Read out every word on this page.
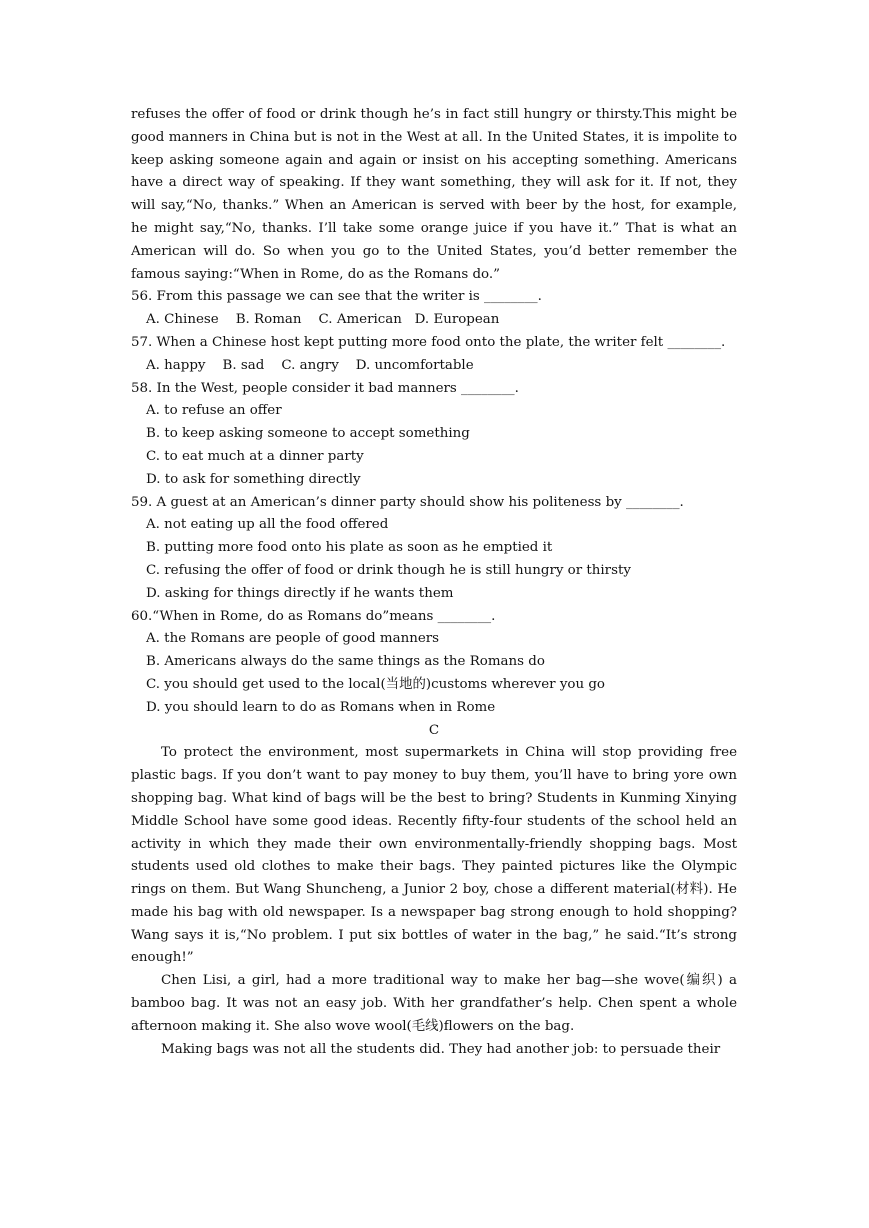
refuses the offer of food or drink though he’s in fact still hungry or thirsty.This might be good manners in China but is not in the West at all. In the United States, it is impolite to keep asking someone again and again or insist on his accepting something. Americans have a direct way of speaking. If they want something, they will ask for it. If not, they will say,“No, thanks.” When an American is served with beer by the host, for example, he might say,“No, thanks. I’ll take some orange juice if you have it.” That is what an American will do. So when you go to the United States, you’d better remember the famous saying:“When in Rome, do as the Romans do.”

56. From this passage we can see that the writer is ________.

A. Chinese    B. Roman    C. American   D. European

57. When a Chinese host kept putting more food onto the plate, the writer felt ________.

A. happy    B. sad    C. angry    D. uncomfortable

58. In the West, people consider it bad manners ________.

A. to refuse an offer

B. to keep asking someone to accept something

C. to eat much at a dinner party

D. to ask for something directly

59. A guest at an American’s dinner party should show his politeness by ________.

A. not eating up all the food offered

B. putting more food onto his plate as soon as he emptied it

C. refusing the offer of food or drink though he is still hungry or thirsty

D. asking for things directly if he wants them

60.“When in Rome, do as Romans do”means ________.

A. the Romans are people of good manners

B. Americans always do the same things as the Romans do

C. you should get used to the local(当地的)customs wherever you go

D. you should learn to do as Romans when in Rome

C

To protect the environment, most supermarkets in China will stop providing free plastic bags. If you don’t want to pay money to buy them, you’ll have to bring yore own shopping bag. What kind of bags will be the best to bring? Students in Kunming Xinying Middle School have some good ideas. Recently fifty-four students of the school held an activity in which they made their own environmentally-friendly shopping bags. Most students used old clothes to make their bags. They painted pictures like the Olympic rings on them. But Wang Shuncheng, a Junior 2 boy, chose a different material(材料). He made his bag with old newspaper. Is a newspaper bag strong enough to hold shopping? Wang says it is,“No problem. I put six bottles of water in the bag,” he said.“It’s strong enough!”

Chen Lisi, a girl, had a more traditional way to make her bag—she wove(编织) a bamboo bag. It was not an easy job. With her grandfather’s help. Chen spent a whole afternoon making it. She also wove wool(毛线)flowers on the bag.

Making bags was not all the students did. They had another job: to persuade their
